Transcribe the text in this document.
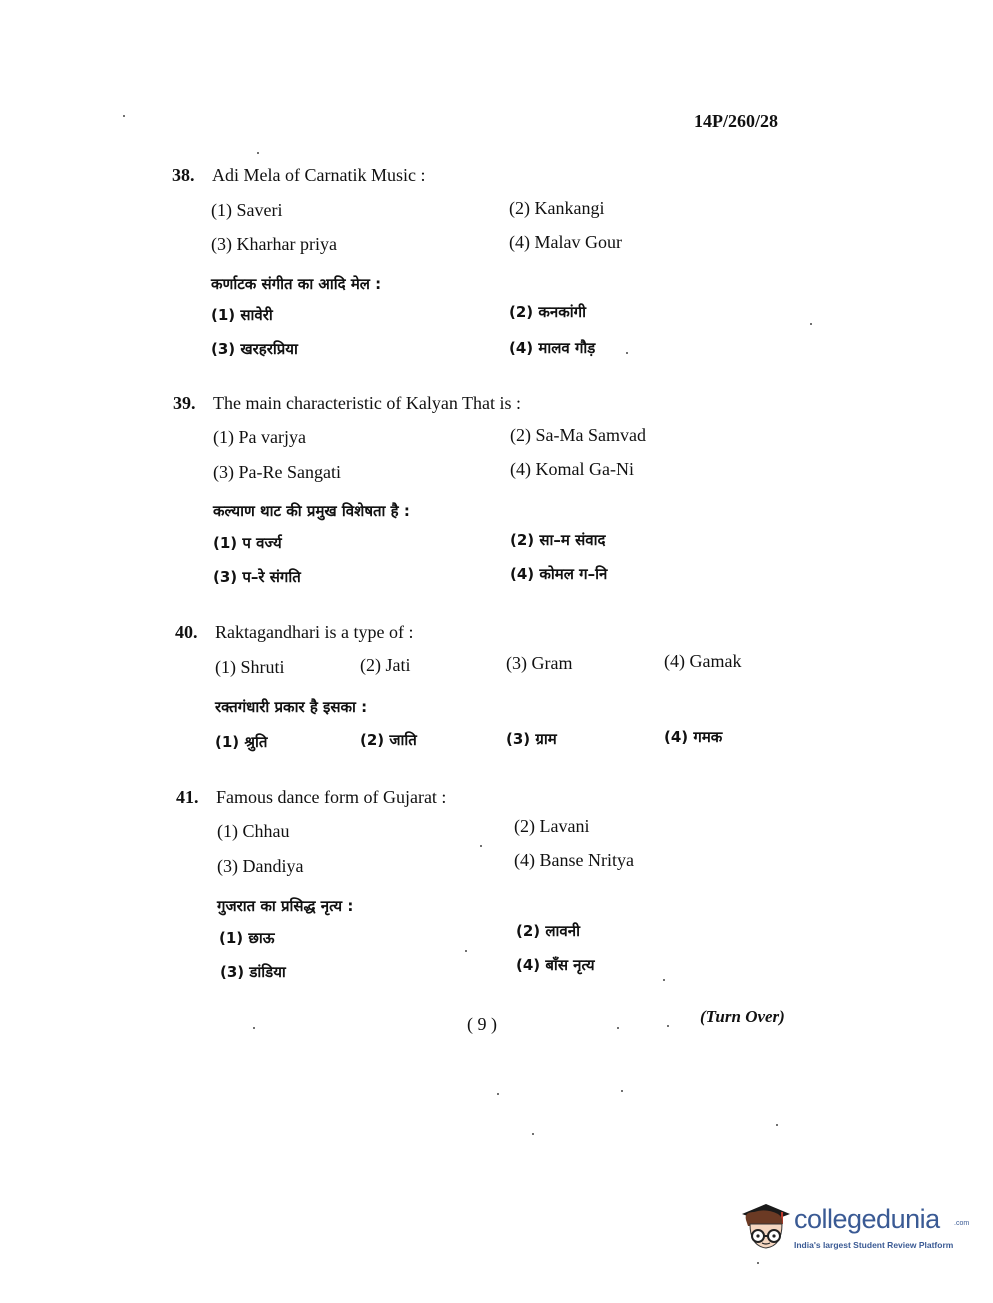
14P/260/28
38. Adi Mela of Carnatik Music :
(1) Saveri	(2) Kankangi
(3) Kharhar priya	(4) Malav Gour
कर्णाटक संगीत का आदि मेल :
(1) सावेरी	(2) कनकांगी
(3) खरहरप्रिया	(4) मालव गौड़
39. The main characteristic of Kalyan That is :
(1) Pa varjya	(2) Sa-Ma Samvad
(3) Pa-Re Sangati	(4) Komal Ga-Ni
कल्याण थाट की प्रमुख विशेषता है :
(1) प वर्ज्य	(2) सा–म संवाद
(3) प–रे संगति	(4) कोमल ग–नि
40. Raktagandhari is a type of :
(1) Shruti	(2) Jati	(3) Gram	(4) Gamak
रक्तगंधारी प्रकार है इसका :
(1) श्रुति	(2) जाति	(3) ग्राम	(4) गमक
41. Famous dance form of Gujarat :
(1) Chhau	(2) Lavani
(3) Dandiya	(4) Banse Nritya
गुजरात का प्रसिद्ध नृत्य :
(1) छाऊ	(2) लावनी
(3) डांडिया	(4) बाँस नृत्य
( 9 )	(Turn Over)
collegedunia .com
India's largest Student Review Platform
